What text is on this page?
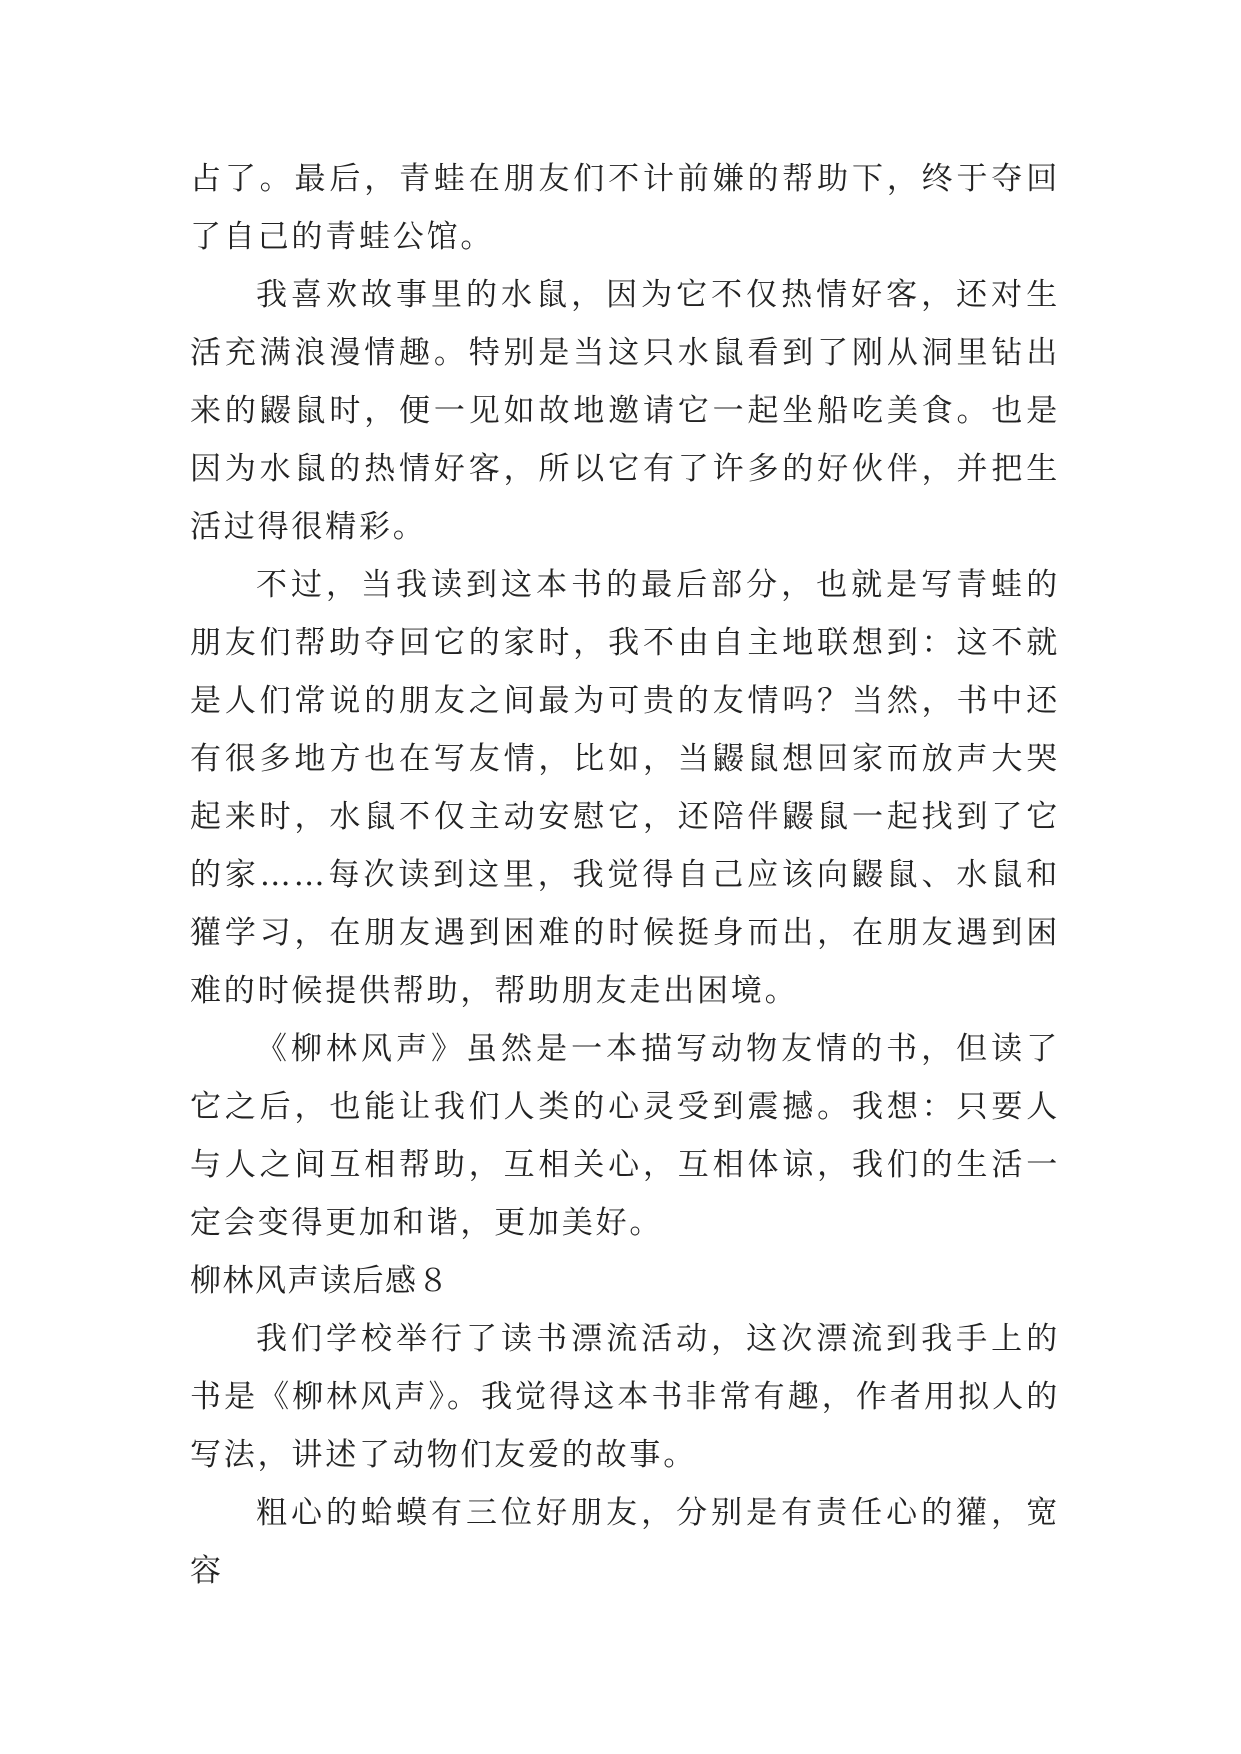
占了。最后，青蛙在朋友们不计前嫌的帮助下，终于夺回了自己的青蛙公馆。

我喜欢故事里的水鼠，因为它不仅热情好客，还对生活充满浪漫情趣。特别是当这只水鼠看到了刚从洞里钻出来的鼹鼠时，便一见如故地邀请它一起坐船吃美食。也是因为水鼠的热情好客，所以它有了许多的好伙伴，并把生活过得很精彩。

不过，当我读到这本书的最后部分，也就是写青蛙的朋友们帮助夺回它的家时，我不由自主地联想到：这不就是人们常说的朋友之间最为可贵的友情吗？当然，书中还有很多地方也在写友情，比如，当鼹鼠想回家而放声大哭起来时，水鼠不仅主动安慰它，还陪伴鼹鼠一起找到了它的家……每次读到这里，我觉得自己应该向鼹鼠、水鼠和獾学习，在朋友遇到困难的时候挺身而出，在朋友遇到困难的时候提供帮助，帮助朋友走出困境。

《柳林风声》虽然是一本描写动物友情的书，但读了它之后，也能让我们人类的心灵受到震撼。我想：只要人与人之间互相帮助，互相关心，互相体谅，我们的生活一定会变得更加和谐，更加美好。

柳林风声读后感８

我们学校举行了读书漂流活动，这次漂流到我手上的书是《柳林风声》。我觉得这本书非常有趣，作者用拟人的写法，讲述了动物们友爱的故事。

粗心的蛤蟆有三位好朋友，分别是有责任心的獾，宽容
